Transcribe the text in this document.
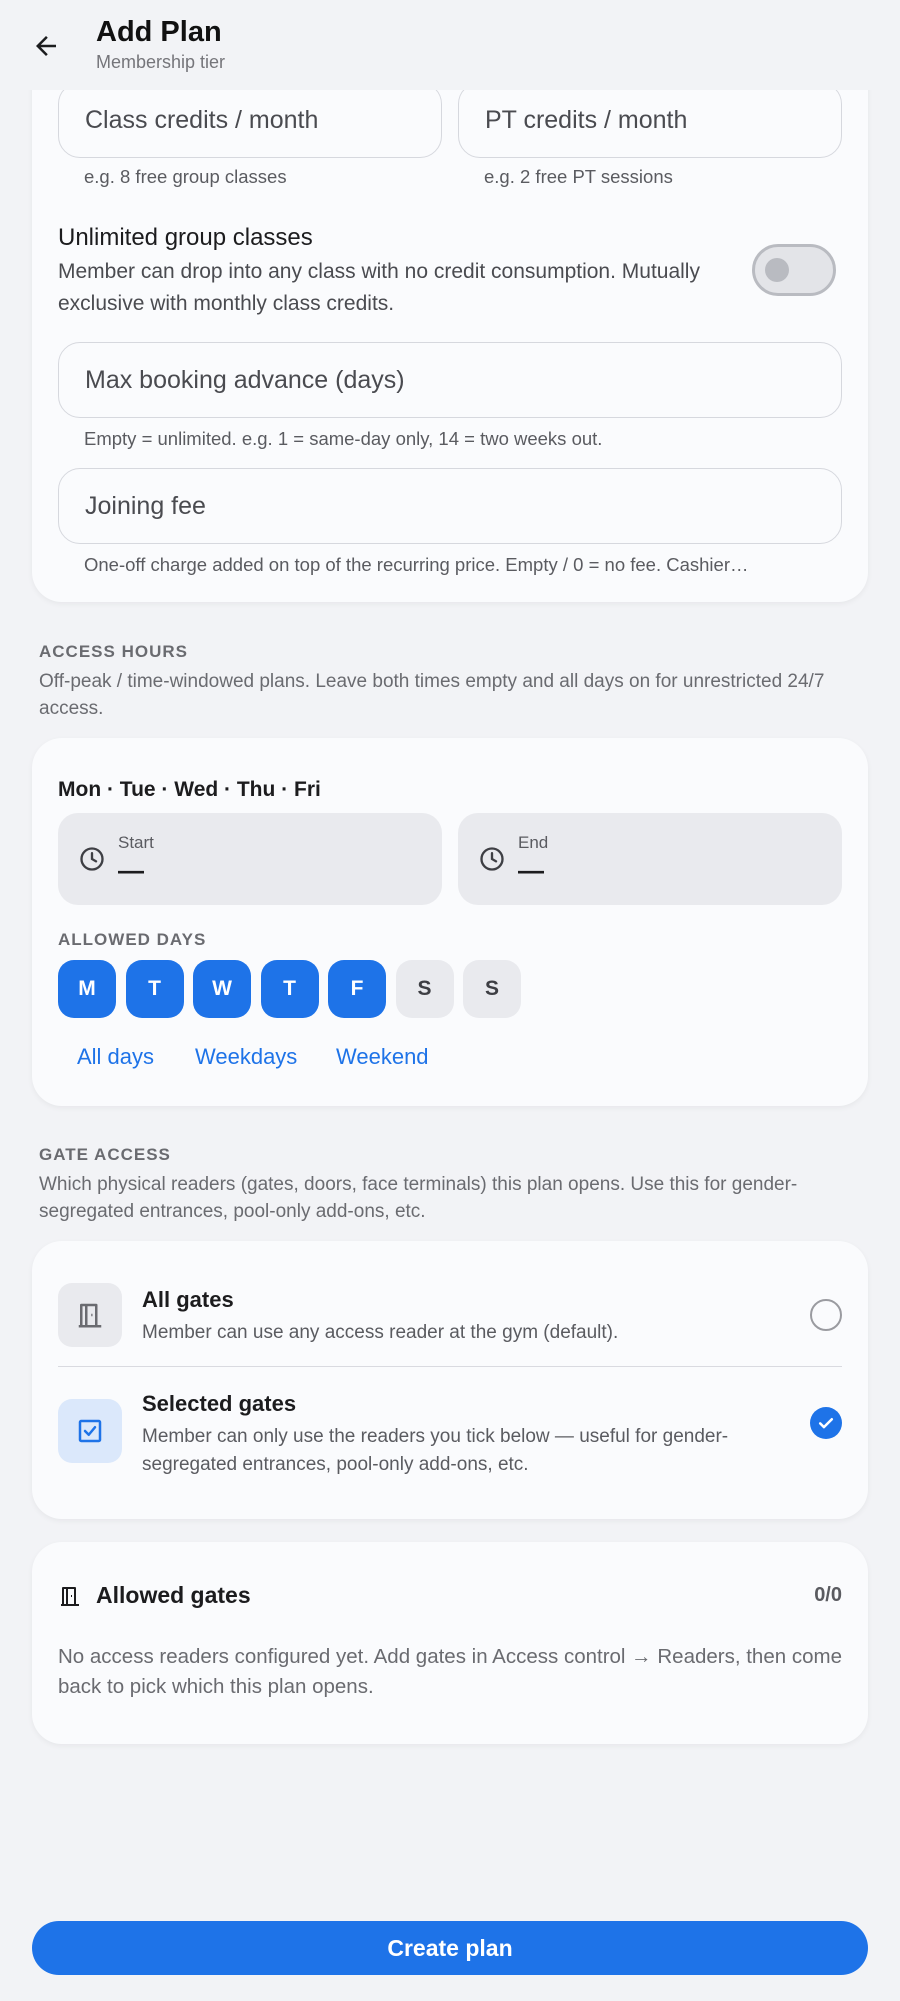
Add Plan
Membership tier
Class credits / month
e.g. 8 free group classes
PT credits / month
e.g. 2 free PT sessions
Unlimited group classes
Member can drop into any class with no credit consumption. Mutually exclusive with monthly class credits.
Max booking advance (days)
Empty = unlimited. e.g. 1 = same-day only, 14 = two weeks out.
Joining fee
One-off charge added on top of the recurring price. Empty / 0 = no fee. Cashier…
ACCESS HOURS
Off-peak / time-windowed plans. Leave both times empty and all days on for unrestricted 24/7 access.
Mon · Tue · Wed · Thu · Fri
Start
—
End
—
ALLOWED DAYS
M	T	W	T	F	S	S
All days Weekdays Weekend
GATE ACCESS
Which physical readers (gates, doors, face terminals) this plan opens. Use this for gender-segregated entrances, pool-only add-ons, etc.
All gates
Member can use any access reader at the gym (default).
Selected gates
Member can only use the readers you tick below — useful for gender-segregated entrances, pool-only add-ons, etc.
Allowed gates	0/0
No access readers configured yet. Add gates in Access control → Readers, then come back to pick which this plan opens.
Create plan
